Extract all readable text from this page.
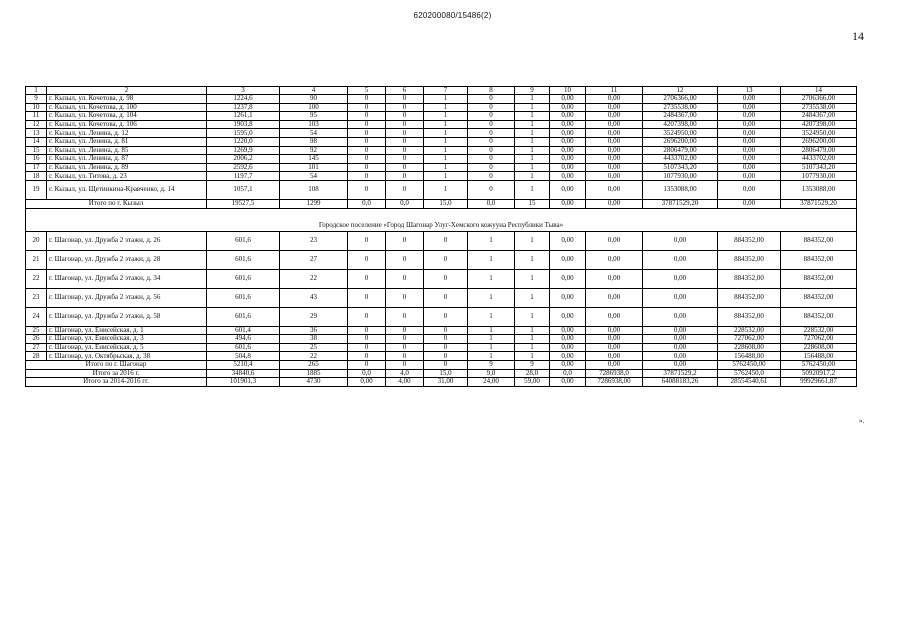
620200080/15486(2)
14
».
1	2	3	4	5	6	7	8	9	10	11	12	13	14
9	г. Кызыл, ул. Кочетова, д. 98	1224,6	90	0	0	1	0	1	0,00	0,00	2706366,00	0,00	2706366,00
10	г. Кызыл, ул. Кочетова, д. 100	1237,8	100	0	0	1	0	1	0,00	0,00	2735538,00	0,00	2735538,00
11	г. Кызыл, ул. Кочетова, д. 104	1261,1	95	0	0	1	0	1	0,00	0,00	2484367,00	0,00	2484367,00
12	г. Кызыл, ул. Кочетова, д. 106	1903,8	103	0	0	1	0	1	0,00	0,00	4207398,00	0,00	4207398,00
13	г. Кызыл, ул. Ленина, д. 12	1595,0	54	0	0	1	0	1	0,00	0,00	3524950,00	0,00	3524950,00
14	г. Кызыл, ул. Ленина, д. 81	1220,0	98	0	0	1	0	1	0,00	0,00	2696200,00	0,00	2696200,00
15	г. Кызыл, ул. Ленина, д. 85	1269,9	92	0	0	1	0	1	0,00	0,00	2806479,00	0,00	2806479,00
16	г. Кызыл, ул. Ленина, д. 87	2006,2	145	0	0	1	0	1	0,00	0,00	4433702,00	0,00	4433702,00
17	г. Кызыл, ул. Ленина, д. 89	2592,6	101	0	0	1	0	1	0,00	0,00	5107343,20	0,00	5107343,20
18	г. Кызыл, ул. Титова, д. 23	1197,7	54	0	0	1	0	1	0,00	0,00	1077930,00	0,00	1077930,00
19	г. Кызыл, ул. Щетинкина-Кравченко, д. 14	1057,1	108	0	0	1	0	1	0,00	0,00	1353088,00	0,00	1353088,00
Итого по г. Кызыл		19527,5	1299	0,0	0,0	15,0	0,0	15	0,00	0,00	37871529,20	0,00	37871529,20
Городское поселение «Город Шагонар Улуг-Хемского кожууна Республики Тыва»													
20	г. Шагонар, ул. Дружба 2 этажн, д. 26	601,6	23	0	0	0	1	1	0,00	0,00	0,00	884352,00	884352,00
21	г. Шагонар, ул. Дружба 2 этажн, д. 28	601,6	27	0	0	0	1	1	0,00	0,00	0,00	884352,00	884352,00
22	г. Шагонар, ул. Дружба 2 этажн, д. 34	601,6	22	0	0	0	1	1	0,00	0,00	0,00	884352,00	884352,00
23	г. Шагонар, ул. Дружба 2 этажн, д. 56	601,6	43	0	0	0	1	1	0,00	0,00	0,00	884352,00	884352,00
24	г. Шагонар, ул. Дружба 2 этажн, д. 58	601,6	29	0	0	0	1	1	0,00	0,00	0,00	884352,00	884352,00
25	г. Шагонар, ул. Енисейская, д. 1	601,4	36	0	0	0	1	1	0,00	0,00	0,00	228532,00	228532,00
26	г. Шагонар, ул. Енисейская, д. 3	494,6	38	0	0	0	1	1	0,00	0,00	0,00	727062,00	727062,00
27	г. Шагонар, ул. Енисейская, д. 5	601,6	25	0	0	0	1	1	0,00	0,00	0,00	228608,00	228608,00
28	г. Шагонар, ул. Октябрьская, д. 38	504,8	22	0	0	0	1	1	0,00	0,00	0,00	156488,00	156488,00
Итого по г. Шагонар		5210,4	265	0	0	0	9	9	0,00	0,00	0,00	5762450,00	5762450,00
Итого за 2016 г.		34840,6	1885	0,0	4,0	15,0	9,0	28,0	0,0	7286938,0	37871529,2	5762450,0	50920917,2
Итого за 2014-2016 гг.		101901,3	4730	0,00	4,00	31,00	24,00	59,00	0,00	7286938,00	64088183,26	28554540,61	99929661,87
